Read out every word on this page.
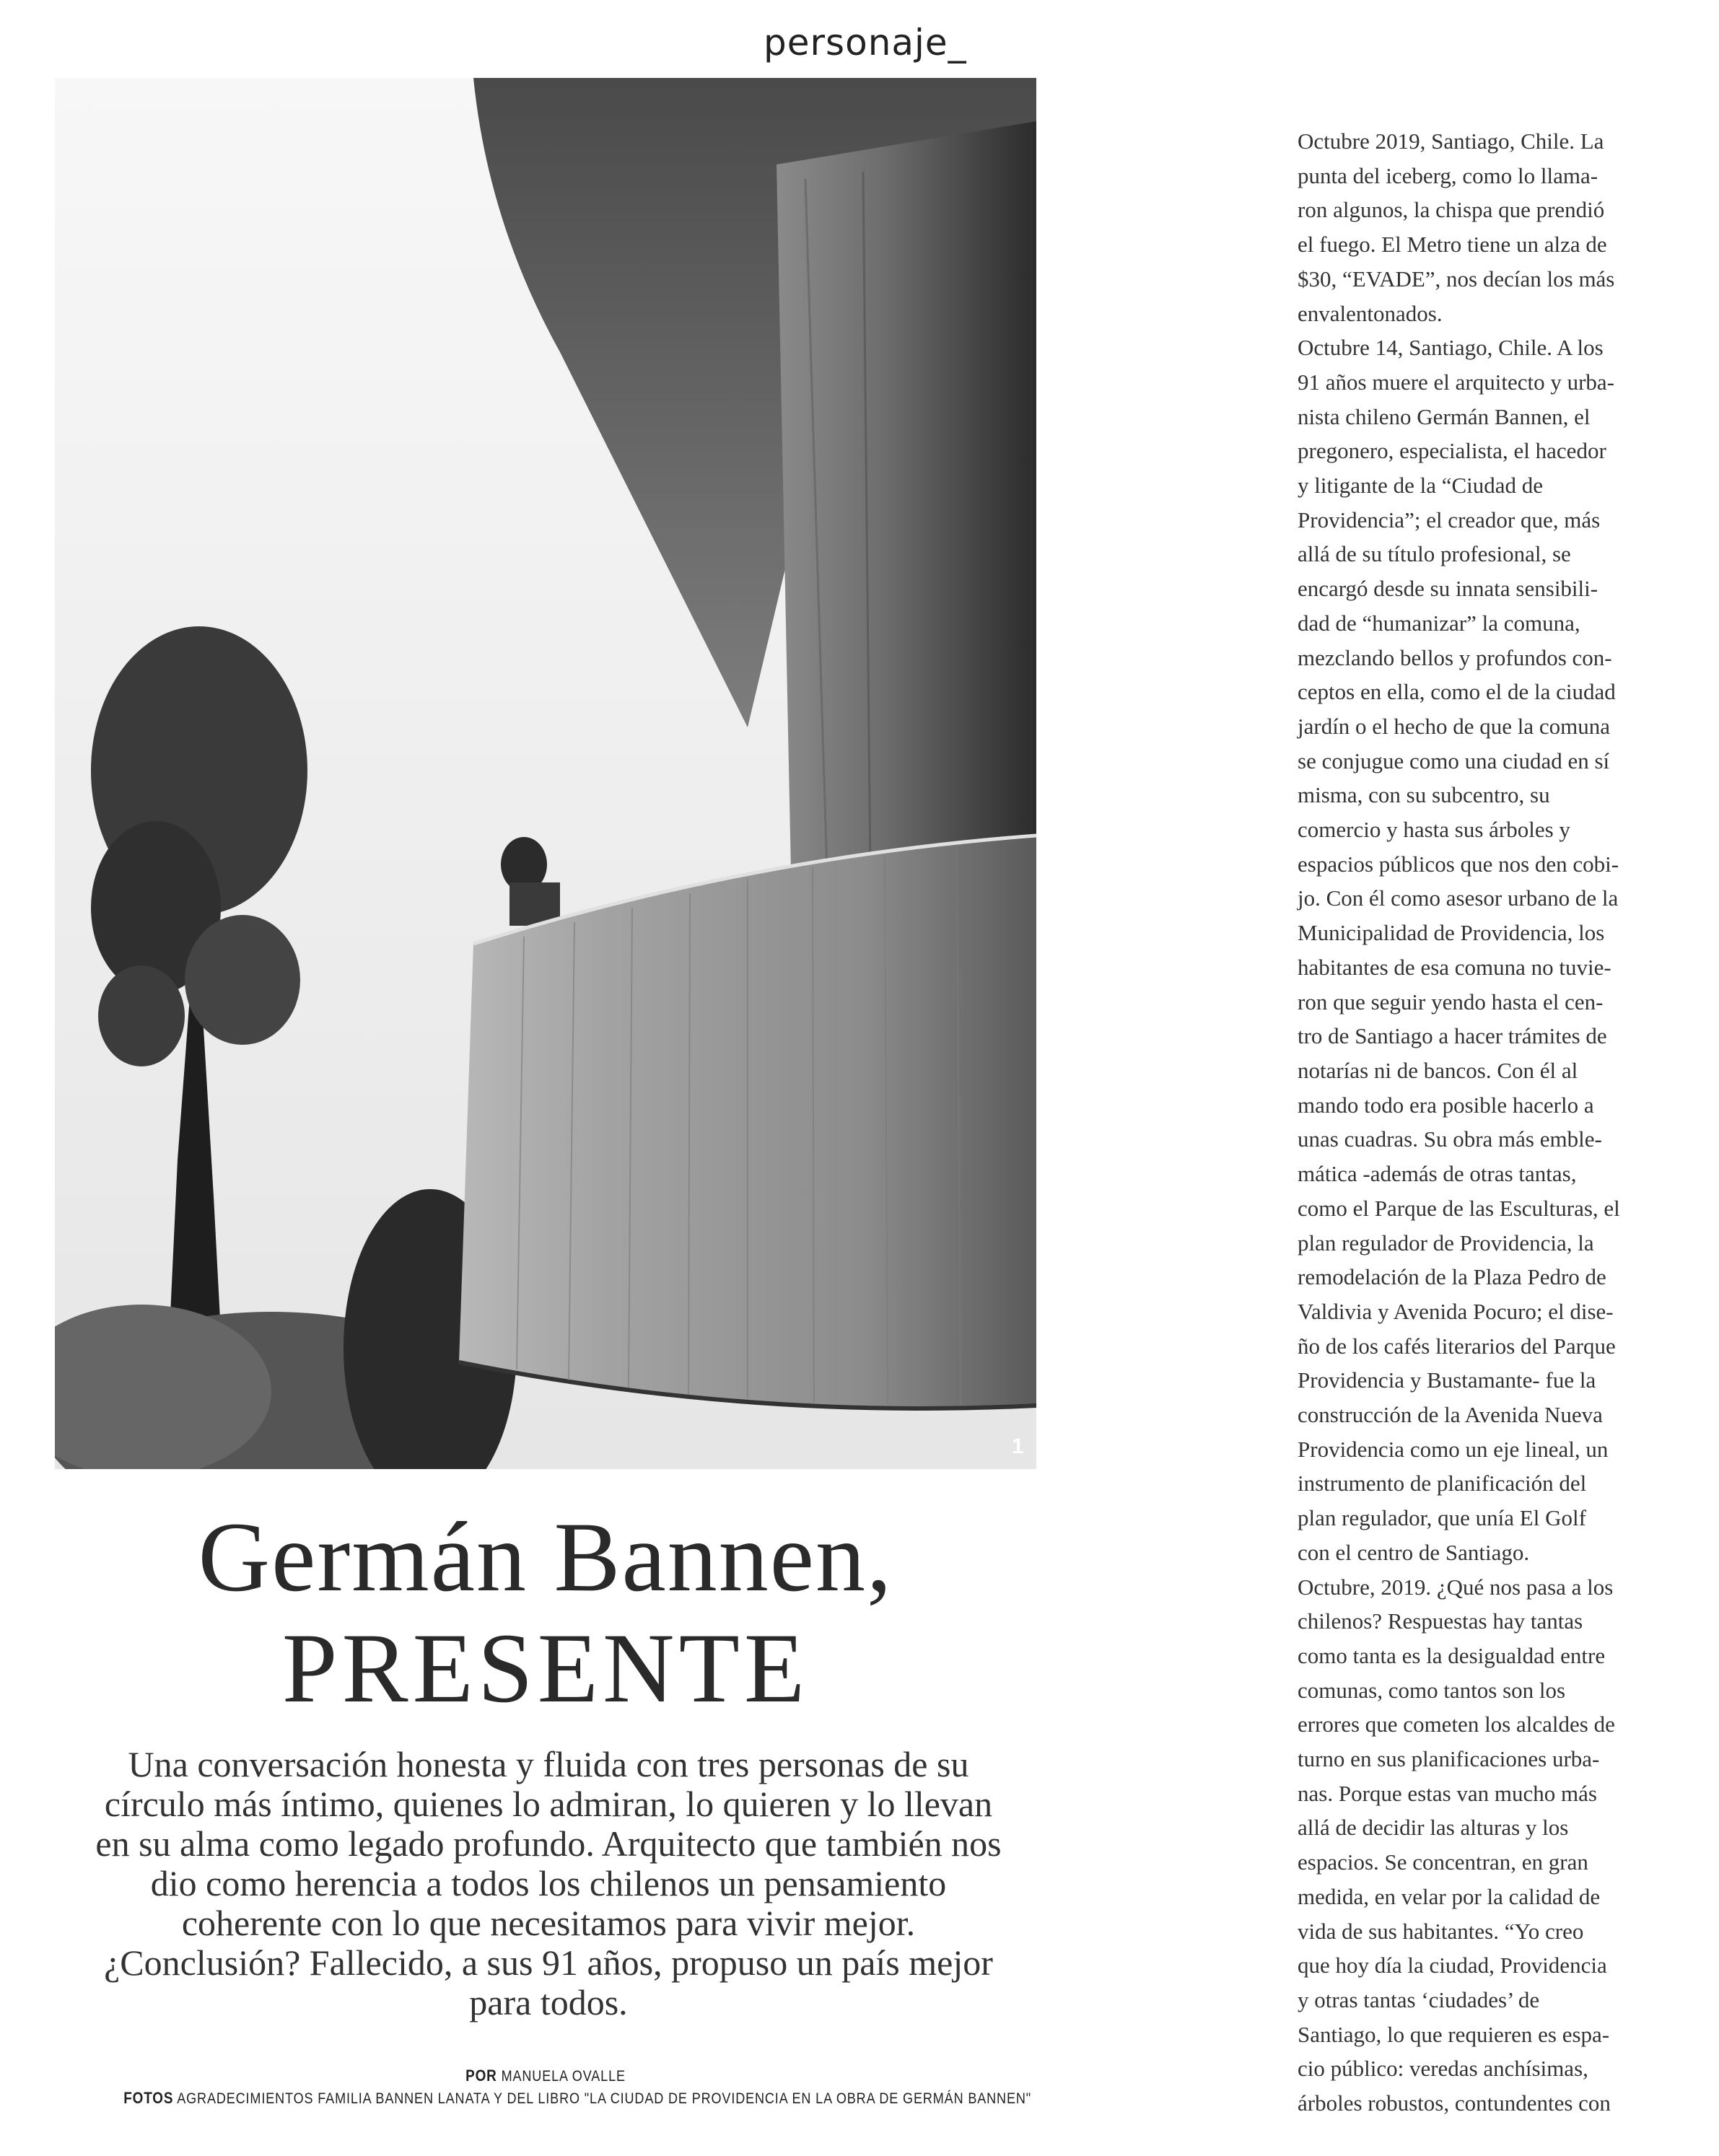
personaje_

1
Germán Bannen,
PRESENTE
Una conversación honesta y fluida con tres personas de su círculo más íntimo, quienes lo admiran, lo quieren y lo llevan en su alma como legado profundo. Arquitecto que también nos dio como herencia a todos los chilenos un pensamiento coherente con lo que necesitamos para vivir mejor. ¿Conclusión? Fallecido, a sus 91 años, propuso un país mejor para todos.
POR MANUELA OVALLE
FOTOS AGRADECIMIENTOS FAMILIA BANNEN LANATA Y DEL LIBRO "LA CIUDAD DE PROVIDENCIA EN LA OBRA DE GERMÁN BANNEN"

Octubre 2019, Santiago, Chile. La

punta del iceberg, como lo llama-

ron algunos, la chispa que prendió

el fuego. El Metro tiene un alza de

$30, “EVADE”, nos decían los más

envalentonados.

Octubre 14, Santiago, Chile. A los

91 años muere el arquitecto y urba-

nista chileno Germán Bannen, el

pregonero, especialista, el hacedor

y litigante de la “Ciudad de

Providencia”; el creador que, más

allá de su título profesional, se

encargó desde su innata sensibili-

dad de “humanizar” la comuna,

mezclando bellos y profundos con-

ceptos en ella, como el de la ciudad

jardín o el hecho de que la comuna

se conjugue como una ciudad en sí

misma, con su subcentro, su

comercio y hasta sus árboles y

espacios públicos que nos den cobi-

jo. Con él como asesor urbano de la

Municipalidad de Providencia, los

habitantes de esa comuna no tuvie-

ron que seguir yendo hasta el cen-

tro de Santiago a hacer trámites de

notarías ni de bancos. Con él al

mando todo era posible hacerlo a

unas cuadras. Su obra más emble-

mática -además de otras tantas,

como el Parque de las Esculturas, el

plan regulador de Providencia, la

remodelación de la Plaza Pedro de

Valdivia y Avenida Pocuro; el dise-

ño de los cafés literarios del Parque

Providencia y Bustamante- fue la

construcción de la Avenida Nueva

Providencia como un eje lineal, un

instrumento de planificación del

plan regulador, que unía El Golf

con el centro de Santiago.

Octubre, 2019. ¿Qué nos pasa a los

chilenos? Respuestas hay tantas

como tanta es la desigualdad entre

comunas, como tantos son los

errores que cometen los alcaldes de

turno en sus planificaciones urba-

nas. Porque estas van mucho más

allá de decidir las alturas y los

espacios. Se concentran, en gran

medida, en velar por la calidad de

vida de sus habitantes. “Yo creo

que hoy día la ciudad, Providencia

y otras tantas ‘ciudades’ de

Santiago, lo que requieren es espa-

cio público: veredas anchísimas,

árboles robustos, contundentes con
